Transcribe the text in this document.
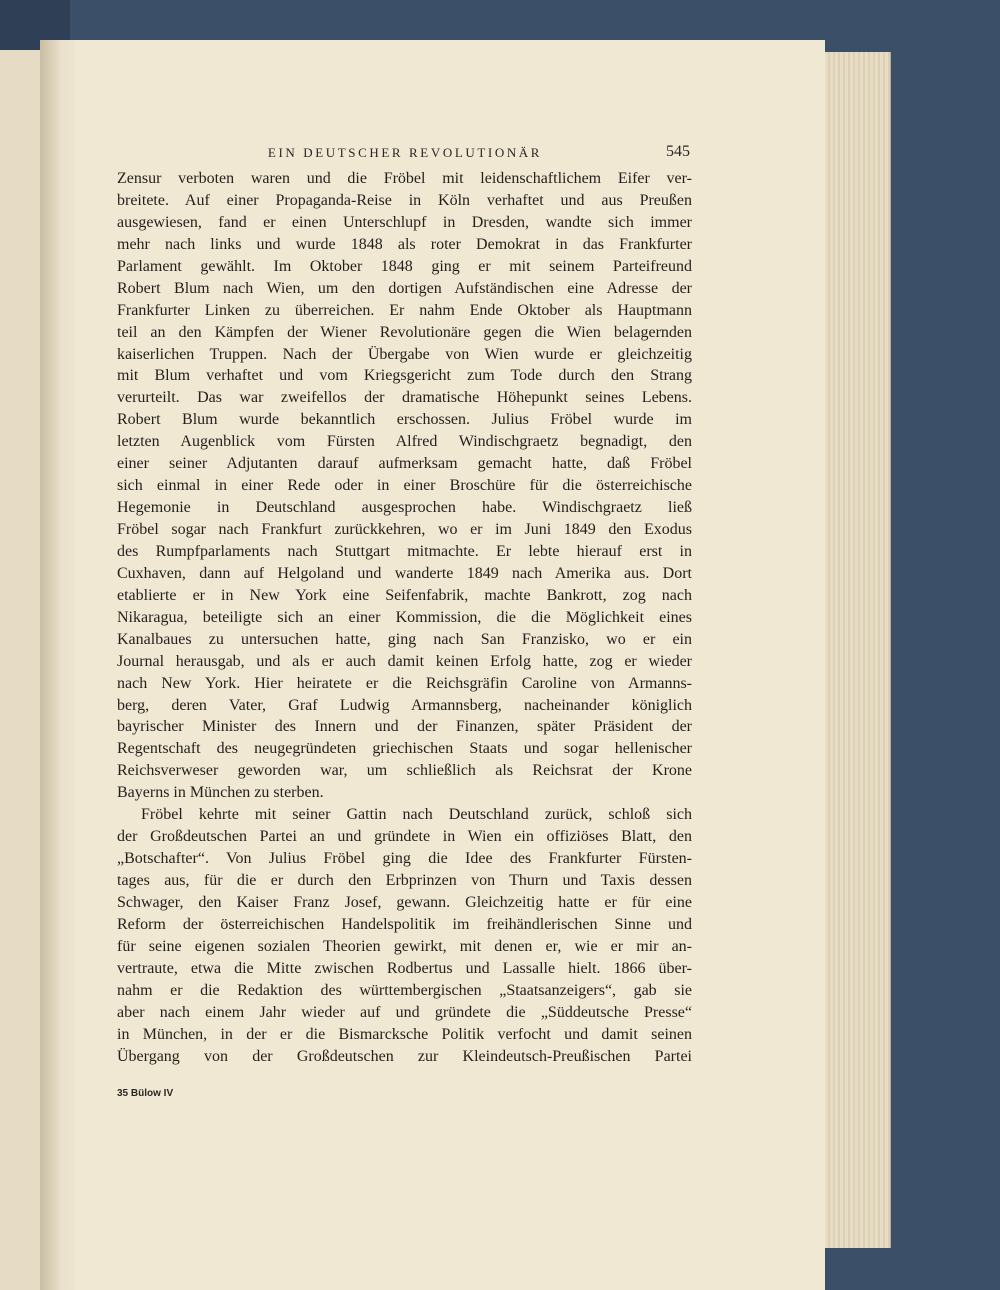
EIN DEUTSCHER REVOLUTIONÄR	545
Zensur verboten waren und die Fröbel mit leidenschaftlichem Eifer ver-
breitete. Auf einer Propaganda-Reise in Köln verhaftet und aus Preußen
ausgewiesen, fand er einen Unterschlupf in Dresden, wandte sich immer
mehr nach links und wurde 1848 als roter Demokrat in das Frankfurter
Parlament gewählt. Im Oktober 1848 ging er mit seinem Parteifreund
Robert Blum nach Wien, um den dortigen Aufständischen eine Adresse der
Frankfurter Linken zu überreichen. Er nahm Ende Oktober als Hauptmann
teil an den Kämpfen der Wiener Revolutionäre gegen die Wien belagernden
kaiserlichen Truppen. Nach der Übergabe von Wien wurde er gleichzeitig
mit Blum verhaftet und vom Kriegsgericht zum Tode durch den Strang
verurteilt. Das war zweifellos der dramatische Höhepunkt seines Lebens.
Robert Blum wurde bekanntlich erschossen. Julius Fröbel wurde im
letzten Augenblick vom Fürsten Alfred Windischgraetz begnadigt, den
einer seiner Adjutanten darauf aufmerksam gemacht hatte, daß Fröbel
sich einmal in einer Rede oder in einer Broschüre für die österreichische
Hegemonie in Deutschland ausgesprochen habe. Windischgraetz ließ
Fröbel sogar nach Frankfurt zurückkehren, wo er im Juni 1849 den Exodus
des Rumpfparlaments nach Stuttgart mitmachte. Er lebte hierauf erst in
Cuxhaven, dann auf Helgoland und wanderte 1849 nach Amerika aus. Dort
etablierte er in New York eine Seifenfabrik, machte Bankrott, zog nach
Nikaragua, beteiligte sich an einer Kommission, die die Möglichkeit eines
Kanalbaues zu untersuchen hatte, ging nach San Franzisko, wo er ein
Journal herausgab, und als er auch damit keinen Erfolg hatte, zog er wieder
nach New York. Hier heiratete er die Reichsgräfin Caroline von Armanns-
berg, deren Vater, Graf Ludwig Armannsberg, nacheinander königlich
bayrischer Minister des Innern und der Finanzen, später Präsident der
Regentschaft des neugegründeten griechischen Staats und sogar hellenischer
Reichsverweser geworden war, um schließlich als Reichsrat der Krone
Bayerns in München zu sterben.
Fröbel kehrte mit seiner Gattin nach Deutschland zurück, schloß sich
der Großdeutschen Partei an und gründete in Wien ein offiziöses Blatt, den
„Botschafter“. Von Julius Fröbel ging die Idee des Frankfurter Fürsten-
tages aus, für die er durch den Erbprinzen von Thurn und Taxis dessen
Schwager, den Kaiser Franz Josef, gewann. Gleichzeitig hatte er für eine
Reform der österreichischen Handelspolitik im freihändlerischen Sinne und
für seine eigenen sozialen Theorien gewirkt, mit denen er, wie er mir an-
vertraute, etwa die Mitte zwischen Rodbertus und Lassalle hielt. 1866 über-
nahm er die Redaktion des württembergischen „Staatsanzeigers“, gab sie
aber nach einem Jahr wieder auf und gründete die „Süddeutsche Presse“
in München, in der er die Bismarcksche Politik verfocht und damit seinen
Übergang von der Großdeutschen zur Kleindeutsch-Preußischen Partei
35 Bülow IV
